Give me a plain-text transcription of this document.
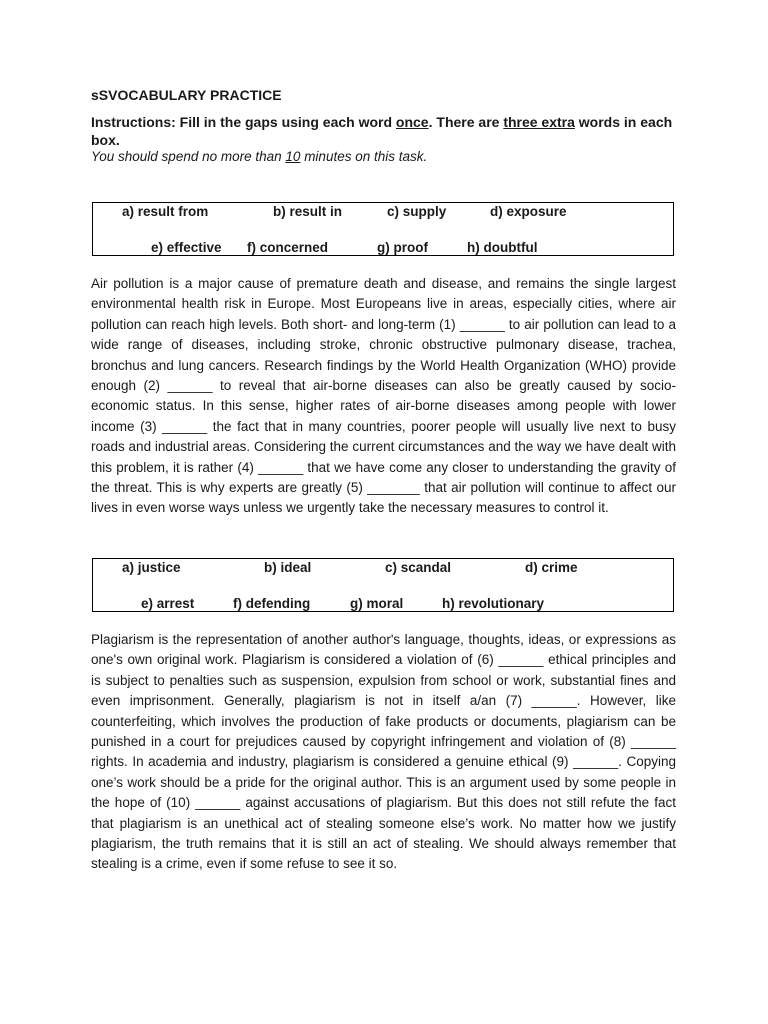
sSVOCABULARY PRACTICE
Instructions: Fill in the gaps using each word once. There are three extra words in each box.
You should spend no more than 10 minutes on this task.
a) result from	b) result in	c) supply	d) exposure
e) effective f) concerned	g) proof	h) doubtful

Air pollution is a major cause of premature death and disease, and remains the single largest environmental health risk in Europe. Most Europeans live in areas, especially cities, where air pollution can reach high levels. Both short- and long-term (1) ______ to air pollution can lead to a wide range of diseases, including stroke, chronic obstructive pulmonary disease, trachea, bronchus and lung cancers. Research findings by the World Health Organization (WHO) provide enough (2) ______ to reveal that air-borne diseases can also be greatly caused by socio-economic status. In this sense, higher rates of air-borne diseases among people with lower income (3) ______ the fact that in many countries, poorer people will usually live next to busy roads and industrial areas. Considering the current circumstances and the way we have dealt with this problem, it is rather (4) ______ that we have come any closer to understanding the gravity of the threat. This is why experts are greatly (5) _______ that air pollution will continue to affect our lives in even worse ways unless we urgently take the necessary measures to control it.

a) justice	b) ideal	c) scandal	d) crime
e) arrest	f) defending	g) moral	h) revolutionary

Plagiarism is the representation of another author's language, thoughts, ideas, or expressions as one's own original work. Plagiarism is considered a violation of (6) ______ ethical principles and is subject to penalties such as suspension, expulsion from school or work, substantial fines and even imprisonment. Generally, plagiarism is not in itself a/an (7) ______. However, like counterfeiting, which involves the production of fake products or documents, plagiarism can be punished in a court for prejudices caused by copyright infringement and violation of (8) ______ rights. In academia and industry, plagiarism is considered a genuine ethical (9) ______. Copying one’s work should be a pride for the original author. This is an argument used by some people in the hope of (10) ______ against accusations of plagiarism. But this does not still refute the fact that plagiarism is an unethical act of stealing someone else’s work. No matter how we justify plagiarism, the truth remains that it is still an act of stealing. We should always remember that stealing is a crime, even if some refuse to see it so.
